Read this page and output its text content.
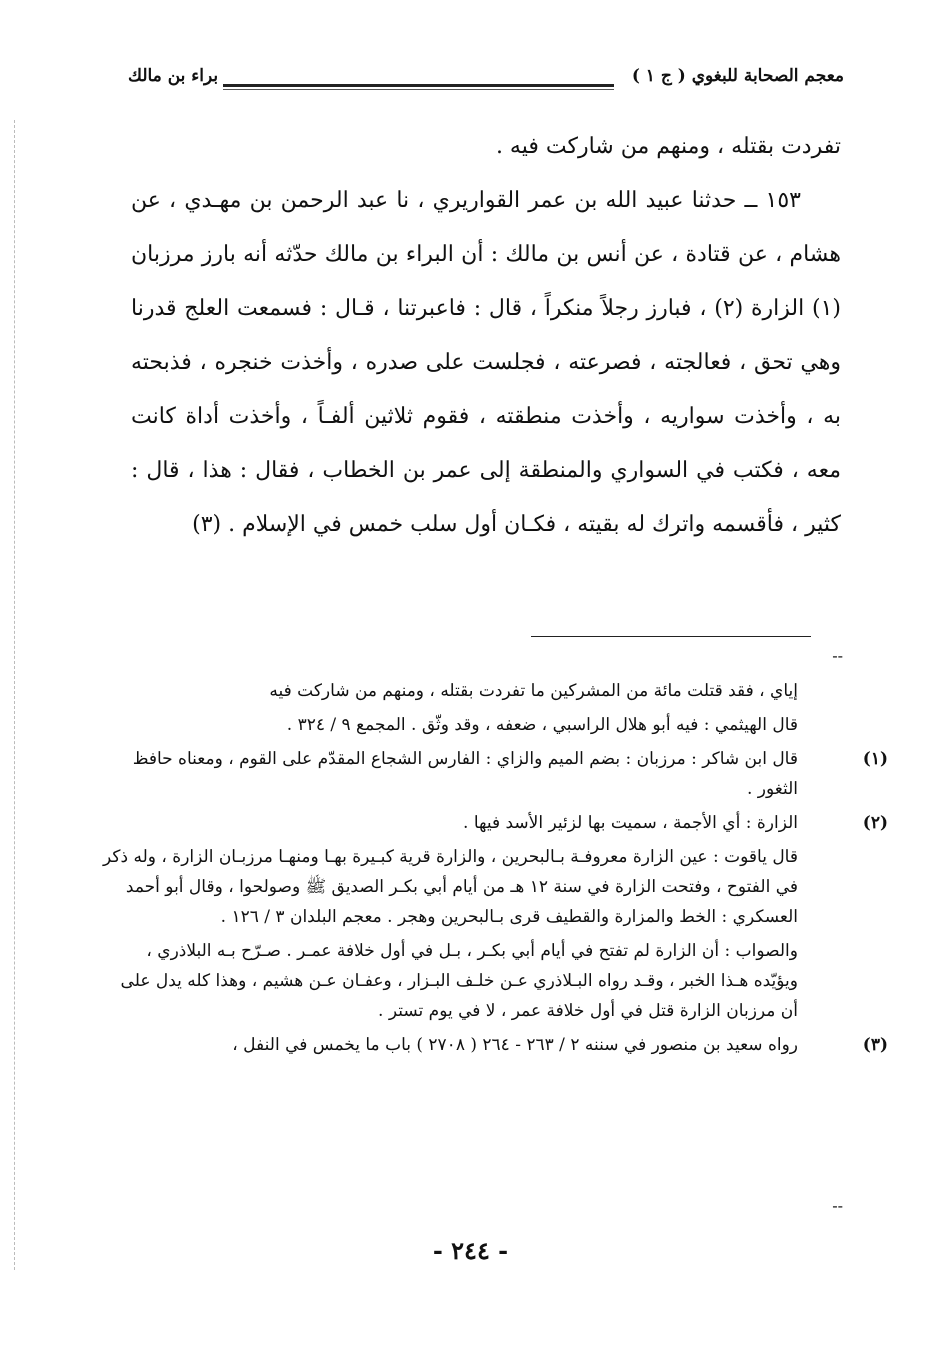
معجم الصحابة للبغوي ( ج ١ )
براء بن مالك

تفردت بقتله ، ومنهم من شاركت فيه .

١٥٣ ــ حدثنا عبيد الله بن عمر القواريري ، نا عبد الرحمن بن مهـدي ، عن هشام ، عن قتادة ، عن أنس بن مالك : أن البراء بن مالك حدّثه أنه بارز مرزبان (١) الزارة (٢) ، فبارز رجلاً منكراً ، قال : فاعبرتنا ، قـال : فسمعت العلج قدرنا وهي تحق ، فعالجته ، فصرعته ، فجلست على صدره ، وأخذت خنجره ، فذبحته به ، وأخذت سواريه ، وأخذت منطقته ، فقوم ثلاثين ألفـاً ، وأخذت أداة كانت معه ، فكتب في السواري والمنطقة إلى عمر بن الخطاب ، فقال : هذا ، قال : كثير ، فأقسمه واترك له بقيته ، فكـان أول سلب خمس في الإسلام . (٣)

--

إياي ، فقد قتلت مائة من المشركين ما تفردت بقتله ، ومنهم من شاركت فيه

قال الهيثمي : فيه أبو هلال الراسبي ، ضعفه ، وقد وثّق . المجمع ٩ / ٣٢٤ .

(١)قال ابن شاكر : مرزبان : بضم الميم والزاي : الفارس الشجاع المقدّم على القوم ، ومعناه حافظ الثغور .

(٢)الزارة : أي الأجمة ، سميت بها لزئير الأسد فيها .

قال ياقوت : عين الزارة معروفـة بـالبحرين ، والزارة قرية كبـيرة بهـا ومنهـا مرزبـان الزارة ، وله ذكر في الفتوح ، وفتحت الزارة في سنة ١٢ هـ من أيام أبي بكـر الصديق ﷺ وصولحوا ، وقال أبو أحمد العسكري : الخط والمزارة والقطيف قرى بـالبحرين وهجر . معجم البلدان ٣ / ١٢٦ .

والصواب : أن الزارة لم تفتح في أيام أبي بكـر ، بـل في أول خلافة عمـر . صـرّح بـه البلاذري ، ويؤيّده هـذا الخبر ، وقـد رواه البـلاذري عـن خلـف البـزار ، وعفـان عـن هشيم ، وهذا كله يدل على أن مرزبان الزارة قتل في أول خلافة عمر ، لا في يوم تستر .

(٣)رواه سعيد بن منصور في سننه ٢ / ٢٦٣ - ٢٦٤ ( ٢٧٠٨ ) باب ما يخمس في النفل ،

--
- ٢٤٤ -
